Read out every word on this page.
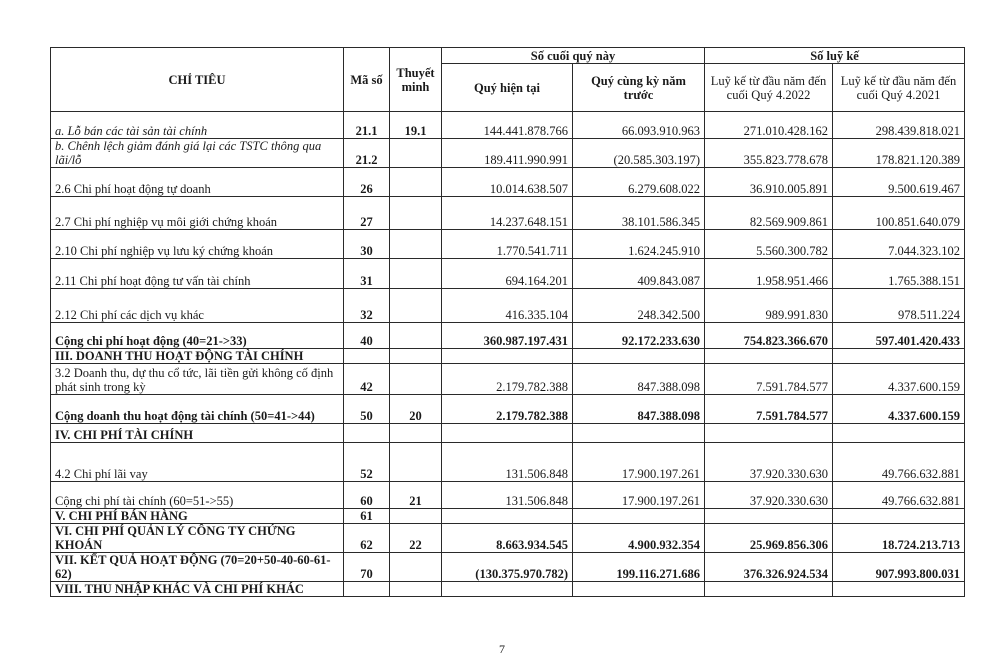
CHỈ TIÊU	Mã số	Thuyết minh	Số cuối quý này		Số luỹ kế	
			Quý hiện tại	Quý cùng kỳ năm trước	Luỹ kế từ đầu năm đến cuối Quý 4.2022	Luỹ kế từ đầu năm đến cuối Quý 4.2021
a. Lỗ bán các tài sản tài chính	21.1	19.1	144.441.878.766	66.093.910.963	271.010.428.162	298.439.818.021
b. Chênh lệch giảm đánh giá lại các TSTC thông qua lãi/lỗ	21.2		189.411.990.991	(20.585.303.197)	355.823.778.678	178.821.120.389
2.6 Chi phí hoạt động tự doanh	26		10.014.638.507	6.279.608.022	36.910.005.891	9.500.619.467
2.7 Chi phí nghiệp vụ môi giới chứng khoán	27		14.237.648.151	38.101.586.345	82.569.909.861	100.851.640.079
2.10 Chi phí nghiệp vụ lưu ký chứng khoán	30		1.770.541.711	1.624.245.910	5.560.300.782	7.044.323.102
2.11 Chi phí hoạt động tư vấn tài chính	31		694.164.201	409.843.087	1.958.951.466	1.765.388.151
2.12 Chi phí các dịch vụ khác	32		416.335.104	248.342.500	989.991.830	978.511.224
Cộng chi phí hoạt động (40=21->33)	40		360.987.197.431	92.172.233.630	754.823.366.670	597.401.420.433
III. DOANH THU HOẠT ĐỘNG TÀI CHÍNH						
3.2 Doanh thu, dự thu cổ tức, lãi tiền gửi không cố định phát sinh trong kỳ	42		2.179.782.388	847.388.098	7.591.784.577	4.337.600.159
Cộng doanh thu hoạt động tài chính (50=41->44)	50	20	2.179.782.388	847.388.098	7.591.784.577	4.337.600.159
IV. CHI PHÍ TÀI CHÍNH						
4.2 Chi phí lãi vay	52		131.506.848	17.900.197.261	37.920.330.630	49.766.632.881
Cộng chi phí tài chính (60=51->55)	60	21	131.506.848	17.900.197.261	37.920.330.630	49.766.632.881
V. CHI PHÍ BÁN HÀNG	61					
VI. CHI PHÍ QUẢN LÝ CÔNG TY CHỨNG KHOÁN	62	22	8.663.934.545	4.900.932.354	25.969.856.306	18.724.213.713
VII. KẾT QUẢ HOẠT ĐỘNG (70=20+50-40-60-61-62)	70		(130.375.970.782)	199.116.271.686	376.326.924.534	907.993.800.031
VIII. THU NHẬP KHÁC VÀ CHI PHÍ KHÁC						
7
